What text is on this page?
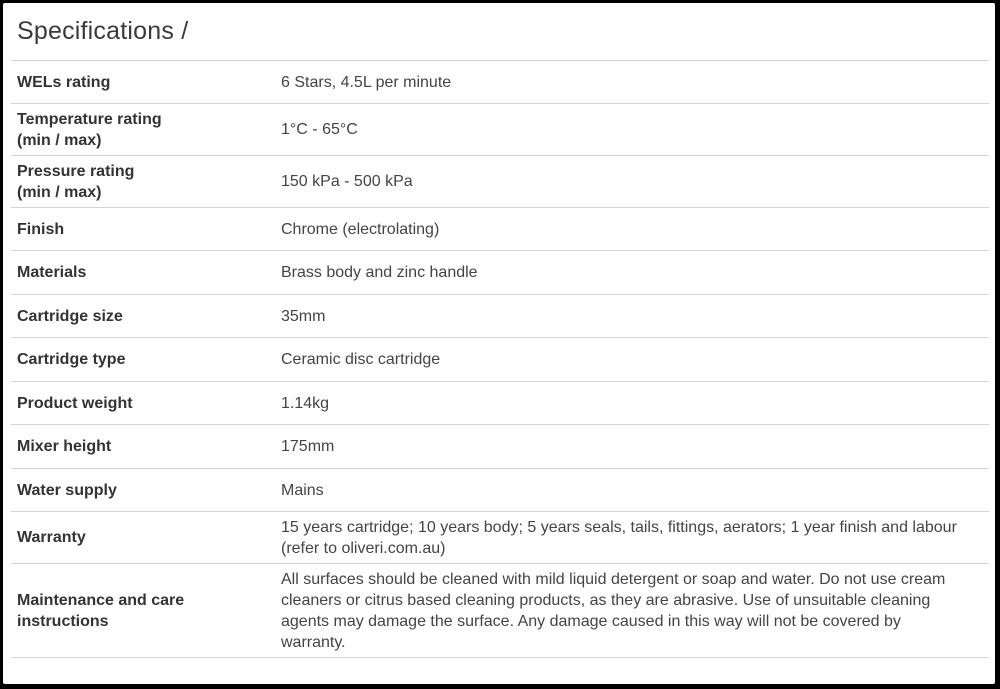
Specifications /
WELs rating	6 Stars, 4.5L per minute
Temperature rating
(min / max)	1°C - 65°C
Pressure rating
(min / max)	150 kPa - 500 kPa
Finish	Chrome (electrolating)
Materials	Brass body and zinc handle
Cartridge size	35mm
Cartridge type	Ceramic disc cartridge
Product weight	1.14kg
Mixer height	175mm
Water supply	Mains
Warranty	15 years cartridge; 10 years body; 5 years seals, tails, fittings, aerators; 1 year finish and labour (refer to oliveri.com.au)
Maintenance and care instructions	All surfaces should be cleaned with mild liquid detergent or soap and water. Do not use cream cleaners or citrus based cleaning products, as they are abrasive. Use of unsuitable cleaning agents may damage the surface. Any damage caused in this way will not be covered by warranty.
